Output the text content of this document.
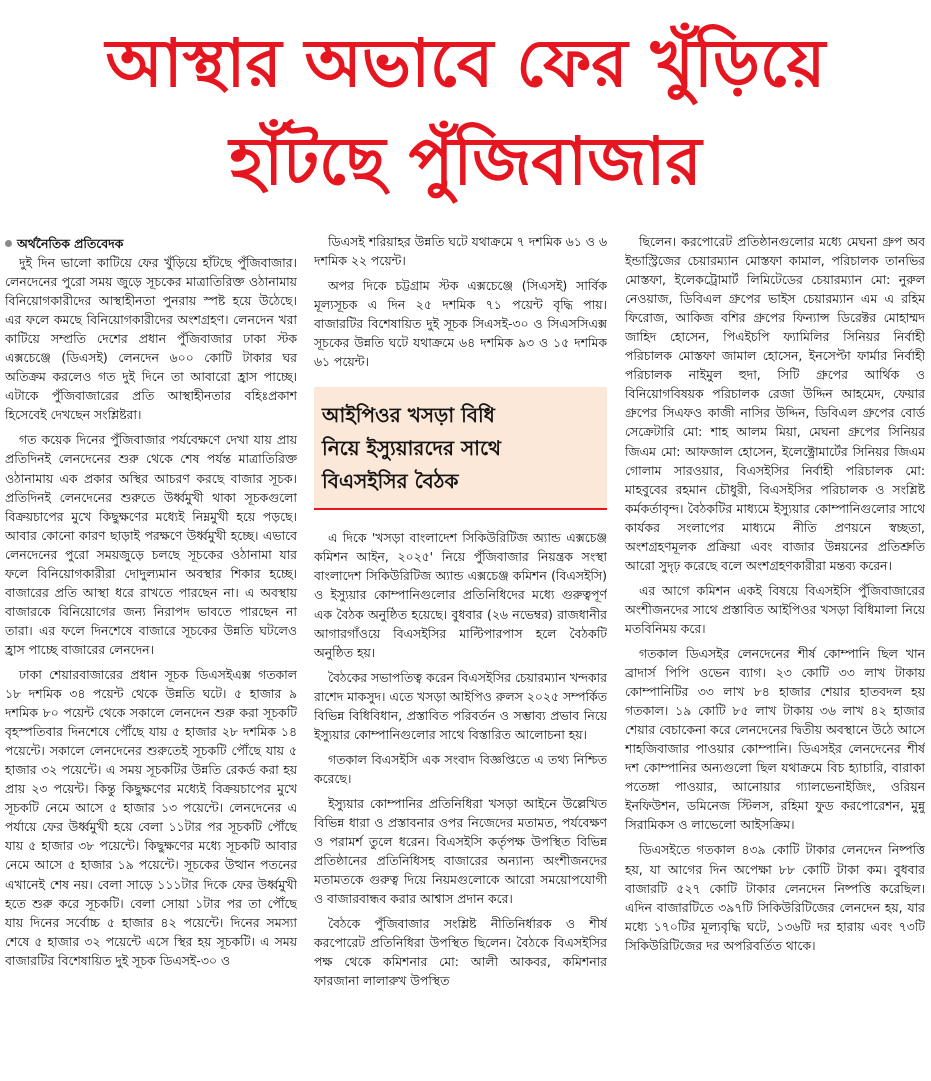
আস্থার অভাবে ফের খুঁড়িয়ে
হাঁটছে পুঁজিবাজার
অর্থনৈতিক প্রতিবেদক

দুই দিন ভালো কাটিয়ে ফের খুঁড়িয়ে হাঁটছে পুঁজিবাজার। লেনদেনের পুরো সময় জুড়ে সূচকের মাত্রাতিরিক্ত ওঠানামায় বিনিয়োগকারীদের আস্থাহীনতা পুনরায় স্পষ্ট হয়ে উঠেছে। এর ফলে কমছে বিনিয়োগকারীদের অংশগ্রহণ। লেনদেন খরা কাটিয়ে সম্প্রতি দেশের প্রধান পুঁজিবাজার ঢাকা স্টক এক্সচেঞ্জে (ডিএসই) লেনদেন ৬০০ কোটি টাকার ঘর অতিক্রম করলেও গত দুই দিনে তা আবারো হ্রাস পাচ্ছে। এটাকে পুঁজিবাজারের প্রতি আস্থাহীনতার বহিঃপ্রকাশ হিসেবেই দেখছেন সংশ্লিষ্টরা।

গত কয়েক দিনের পুঁজিবাজার পর্যবেক্ষণে দেখা যায় প্রায় প্রতিদিনই লেনদেনের শুরু থেকে শেষ পর্যন্ত মাত্রাতিরিক্ত ওঠানামায় এক প্রকার অস্থির আচরণ করছে বাজার সূচক। প্রতিদিনই লেনদেনের শুরুতে উর্ধ্বমুখী থাকা সূচকগুলো বিক্রয়চাপের মুখে কিছুক্ষণের মধ্যেই নিম্নমুখী হয়ে পড়ছে। আবার কোনো কারণ ছাড়াই পরক্ষণে উর্ধ্বমুখী হচ্ছে। এভাবে লেনদেনের পুরো সময়জুড়ে চলছে সূচকের ওঠানামা যার ফলে বিনিয়োগকারীরা দোদুল্যমান অবস্থার শিকার হচ্ছে। বাজারের প্রতি আস্থা ধরে রাখতে পারছেন না। এ অবস্থায় বাজারকে বিনিয়োগের জন্য নিরাপদ ভাবতে পারছেন না তারা। এর ফলে দিনশেষে বাজারে সূচকের উন্নতি ঘটলেও হ্রাস পাচ্ছে বাজারের লেনদেন।

ঢাকা শেয়ারবাজারের প্রধান সূচক ডিএসইএক্স গতকাল ১৮ দশমিক ৩৪ পয়েন্ট থেকে উন্নতি ঘটে। ৫ হাজার ৯ দশমিক ৮০ পয়েন্ট থেকে সকালে লেনদেন শুরু করা সূচকটি বৃহস্পতিবার দিনশেষে পৌঁছে যায় ৫ হাজার ২৮ দশমিক ১৪ পয়েন্টে। সকালে লেনদেনের শুরুতেই সূচকটি পৌঁছে যায় ৫ হাজার ৩২ পয়েন্টে। এ সময় সূচকটির উন্নতি রেকর্ড করা হয় প্রায় ২৩ পয়েন্ট। কিন্তু কিছুক্ষণের মধ্যেই বিক্রয়চাপের মুখে সূচকটি নেমে আসে ৫ হাজার ১৩ পয়েন্টে। লেনদেনের এ পর্যায়ে ফের উর্ধ্বমুখী হয়ে বেলা ১১টার পর সূচকটি পৌঁছে যায় ৫ হাজার ৩৮ পয়েন্টে। কিছুক্ষণের মধ্যে সূচকটি আবার নেমে আসে ৫ হাজার ১৯ পয়েন্টে। সূচকের উত্থান পতনের এখানেই শেষ নয়। বেলা সাড়ে ১১১টার দিকে ফের উর্ধ্বমুখী হতে শুরু করে সূচকটি। বেলা সোয়া ১টার পর তা পৌঁছে যায় দিনের সর্বোচ্চ ৫ হাজার ৪২ পয়েন্টে। দিনের সমস্যা শেষে ৫ হাজার ৩২ পয়েন্টে এসে স্থির হয় সূচকটি। এ সময় বাজারটির বিশেষায়িত দুই সূচক ডিএসই-৩০ ও

ডিএসই শরিয়াহর উন্নতি ঘটে যথাক্রমে ৭ দশমিক ৬১ ও ৬ দশমিক ২২ পয়েন্ট।

অপর দিকে চট্টগ্রাম স্টক এক্সচেঞ্জে (সিএসই) সার্বিক মূল্যসূচক এ দিন ২৫ দশমিক ৭১ পয়েন্ট বৃদ্ধি পায়। বাজারটির বিশেষায়িত দুই সূচক সিএসই-৩০ ও সিএসসিএক্স সূচকের উন্নতি ঘটে যথাক্রমে ৬৪ দশমিক ৯৩ ও ১৫ দশমিক ৬১ পয়েন্ট।

আইপিওর খসড়া বিধি
নিয়ে ইস্যুয়ারদের সাথে
বিএসইসির বৈঠক

এ দিকে 'খসড়া বাংলাদেশ সিকিউরিটিজ অ্যান্ড এক্সচেঞ্জ কমিশন আইন, ২০২৫' নিয়ে পুঁজিবাজার নিয়ন্ত্রক সংস্থা বাংলাদেশ সিকিউরিটিজ অ্যান্ড এক্সচেঞ্জ কমিশন (বিএসইসি) ও ইস্যুয়ার কোম্পানিগুলোর প্রতিনিধিদের মধ্যে গুরুত্বপূর্ণ এক বৈঠক অনুষ্ঠিত হয়েছে। বুধবার (২৬ নভেম্বর) রাজধানীর আগারগাঁওয়ে বিএসইসির মাল্টিপারপাস হলে বৈঠকটি অনুষ্ঠিত হয়।

বৈঠকের সভাপতিত্ব করেন বিএসইসির চেয়ারম্যান খন্দকার রাশেদ মাকসুদ। এতে খসড়া আইপিও রুলস ২০২৫ সম্পর্কিত বিভিন্ন বিধিবিধান, প্রস্তাবিত পরিবর্তন ও সম্ভাব্য প্রভাব নিয়ে ইস্যুয়ার কোম্পানিগুলোর সাথে বিস্তারিত আলোচনা হয়।

গতকাল বিএসইসি এক সংবাদ বিজ্ঞপ্তিতে এ তথ্য নিশ্চিত করেছে।

ইস্যুয়ার কোম্পানির প্রতিনিধিরা খসড়া আইনে উল্লেখিত বিভিন্ন ধারা ও প্রস্তাবনার ওপর নিজেদের মতামত, পর্যবেক্ষণ ও পরামর্শ তুলে ধরেন। বিএসইসি কর্তৃপক্ষ উপস্থিত বিভিন্ন প্রতিষ্ঠানের প্রতিনিধিসহ বাজারের অন্যান্য অংশীজনদের মতামতকে গুরুত্ব দিয়ে নিয়মগুলোকে আরো সময়োপযোগী ও বাজারবান্ধব করার আশ্বাস প্রদান করে।

বৈঠকে পুঁজিবাজার সংশ্লিষ্ট নীতিনির্ধারক ও শীর্ষ করপোরেট প্রতিনিধিরা উপস্থিত ছিলেন। বৈঠকে বিএসইসির পক্ষ থেকে কমিশনার মো: আলী আকবর, কমিশনার ফারজানা লালারুখ উপস্থিত

ছিলেন। করপোরেট প্রতিষ্ঠানগুলোর মধ্যে মেঘনা গ্রুপ অব ইন্ডাস্ট্রিজের চেয়ারম্যান মোস্তফা কামাল, পরিচালক তানভির মোস্তফা, ইলেকট্রোমার্ট লিমিটেডের চেয়ারম্যান মো: নুরুল নেওয়াজ, ডিবিএল গ্রুপের ভাইস চেয়ারম্যান এম এ রহিম ফিরোজ, আকিজ বশির গ্রুপের ফিন্যান্স ডিরেক্টর মোহাম্মদ জাহিদ হোসেন, পিএইচপি ফ্যামিলির সিনিয়র নির্বাহী পরিচালক মোস্তফা জামাল হোসেন, ইনসেপ্টা ফার্মার নির্বাহী পরিচালক নাইমুল হুদা, সিটি গ্রুপের আর্থিক ও বিনিয়োগবিষয়ক পরিচালক রেজা উদ্দিন আহমেদ, ফেয়ার গ্রুপের সিএফও কাজী নাসির উদ্দিন, ডিবিএল গ্রুপের বোর্ড সেক্রেটারি মো: শাহ আলম মিয়া, মেঘনা গ্রুপের সিনিয়র জিএম মো: আফজাল হোসেন, ইলেক্ট্রোমার্টের সিনিয়র জিএম গোলাম সারওয়ার, বিএসইসির নির্বাহী পরিচালক মো: মাহবুবের রহমান চৌধুরী, বিএসইসির পরিচালক ও সংশ্লিষ্ট কর্মকর্তাবৃন্দ। বৈঠকটির মাধ্যমে ইস্যুয়ার কোম্পানিগুলোর সাথে কার্যকর সংলাপের মাধ্যমে নীতি প্রণয়নে স্বচ্ছতা, অংশগ্রহণমূলক প্রক্রিয়া এবং বাজার উন্নয়নের প্রতিশ্রুতি আরো সুদৃঢ় করেছে বলে অংশগ্রহণকারীরা মন্তব্য করেন।

এর আগে কমিশন একই বিষয়ে বিএসইসি পুঁজিবাজারের অংশীজনদের সাথে প্রস্তাবিত আইপিওর খসড়া বিধিমালা নিয়ে মতবিনিময় করে।

গতকাল ডিএসইর লেনদেনের শীর্ষ কোম্পানি ছিল খান ব্রাদার্স পিপি ওভেন ব্যাগ। ২৩ কোটি ৩৩ লাখ টাকায় কোম্পানিটির ৩৩ লাখ ৮৪ হাজার শেয়ার হাতবদল হয় গতকাল। ১৯ কোটি ৮৫ লাখ টাকায় ৩৬ লাখ ৪২ হাজার শেয়ার বেচাকেনা করে লেনদেনের দ্বিতীয় অবস্থানে উঠে আসে শাহজিবাজার পাওয়ার কোম্পানি। ডিএসইর লেনদেনের শীর্ষ দশ কোম্পানির অন্যগুলো ছিল যথাক্রমে বিচ হ্যাচারি, বারাকা পতেঙ্গা পাওয়ার, আনোয়ার গ্যালভেনাইজিং, ওরিয়ন ইনফিউশন, ডমিনেজ স্টিলস, রহিমা ফুড করপোরেশন, মুন্নু সিরামিকস ও লাভেলো আইসক্রিম।

ডিএসইতে গতকাল ৪৩৯ কোটি টাকার লেনদেন নিষ্পত্তি হয়, যা আগের দিন অপেক্ষা ৮৮ কোটি টাকা কম। বুধবার বাজারটি ৫২৭ কোটি টাকার লেনদেন নিষ্পত্তি করেছিল। এদিন বাজারটিতে ৩৯৭টি সিকিউরিটিজের লেনদেন হয়, যার মধ্যে ১৭০টির মূল্যবৃদ্ধি ঘটে, ১৩৬টি দর হারায় এবং ৭৩টি সিকিউরিটিজের দর অপরিবর্তিত থাকে।
